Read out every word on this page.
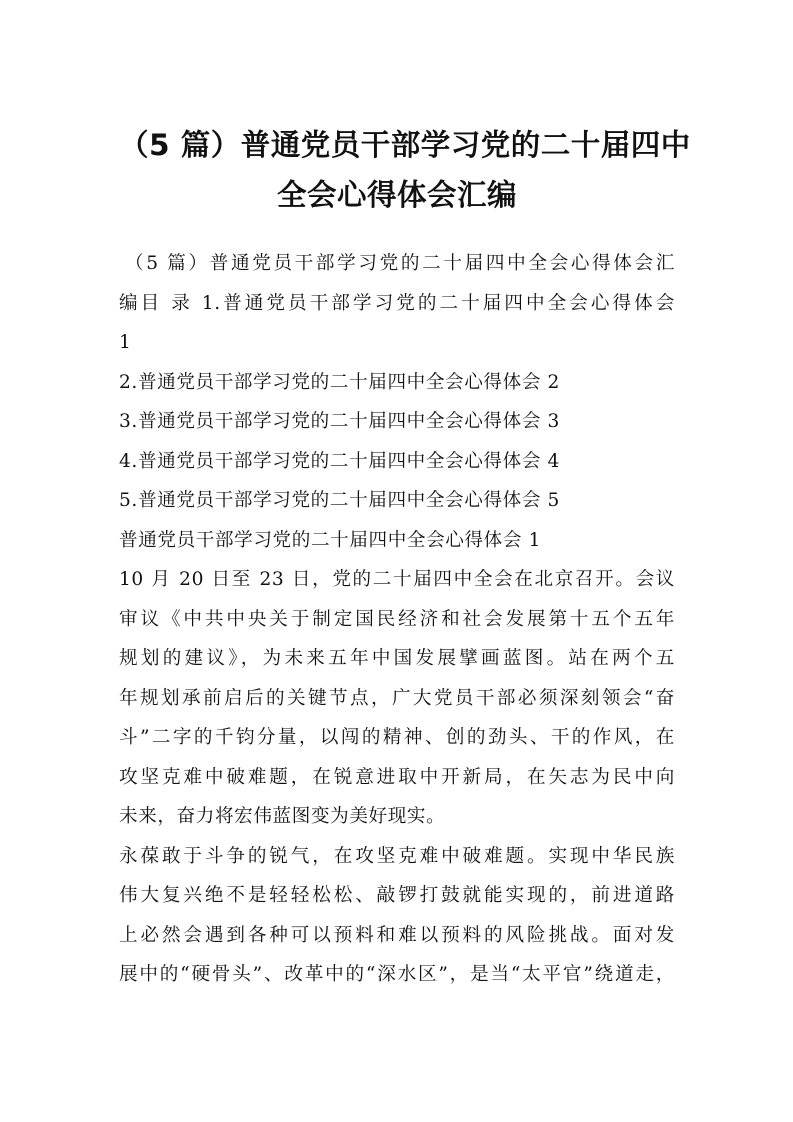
（5 篇）普通党员干部学习党的二十届四中
全会心得体会汇编
（5 篇）普通党员干部学习党的二十届四中全会心得体会汇
编目 录 1.普通党员干部学习党的二十届四中全会心得体会
1
2.普通党员干部学习党的二十届四中全会心得体会 2
3.普通党员干部学习党的二十届四中全会心得体会 3
4.普通党员干部学习党的二十届四中全会心得体会 4
5.普通党员干部学习党的二十届四中全会心得体会 5
普通党员干部学习党的二十届四中全会心得体会 1
10 月 20 日至 23 日，党的二十届四中全会在北京召开。会议
审议《中共中央关于制定国民经济和社会发展第十五个五年
规划的建议》，为未来五年中国发展擘画蓝图。站在两个五
年规划承前启后的关键节点，广大党员干部必须深刻领会“奋
斗”二字的千钧分量，以闯的精神、创的劲头、干的作风，在
攻坚克难中破难题，在锐意进取中开新局，在矢志为民中向
未来，奋力将宏伟蓝图变为美好现实。
永葆敢于斗争的锐气，在攻坚克难中破难题。实现中华民族
伟大复兴绝不是轻轻松松、敲锣打鼓就能实现的，前进道路
上必然会遇到各种可以预料和难以预料的风险挑战。面对发
展中的“硬骨头”、改革中的“深水区”，是当“太平官”绕道走，
